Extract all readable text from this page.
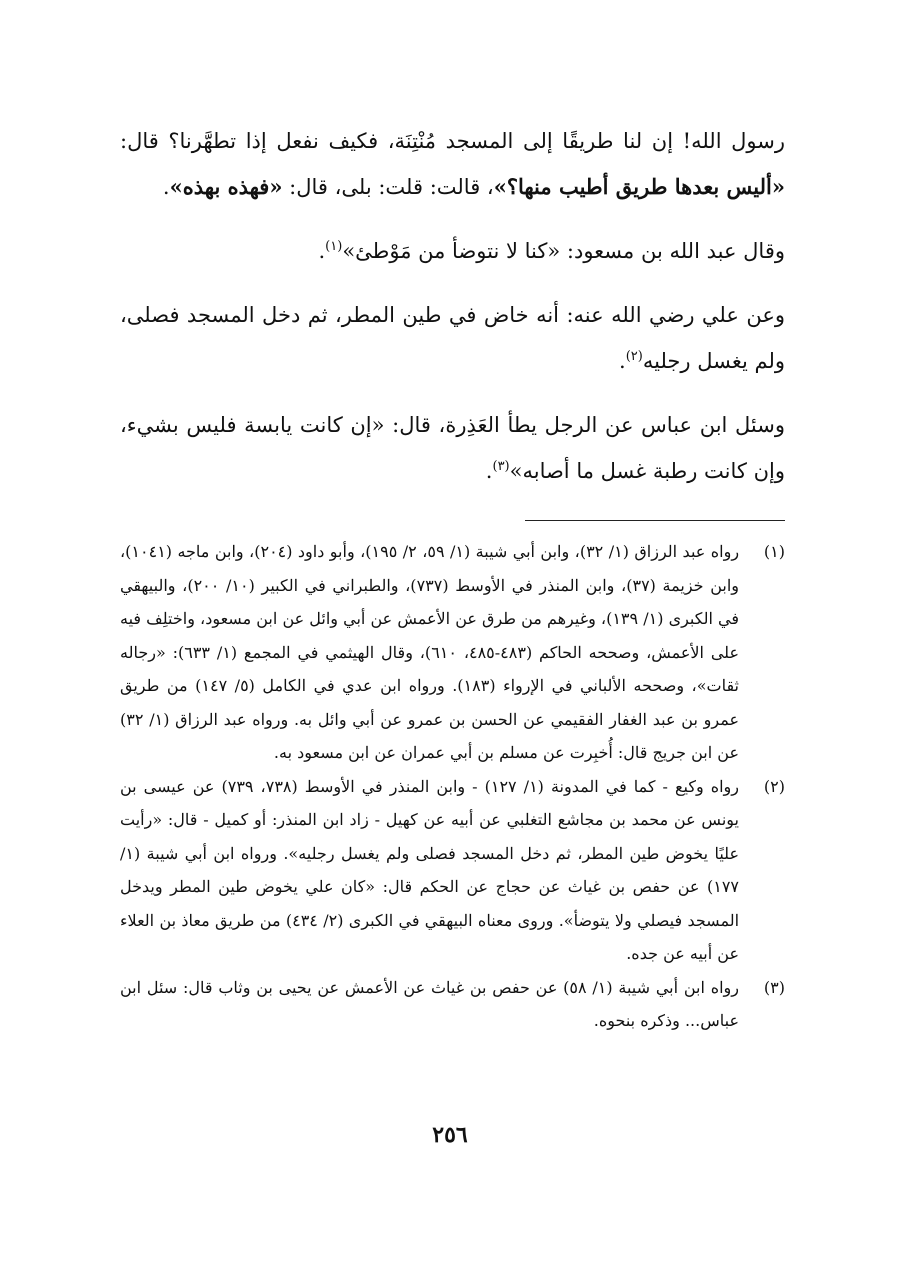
رسول الله! إن لنا طريقًا إلى المسجد مُنْتِنَة، فكيف نفعل إذا تطهَّرنا؟ قال: «أليس بعدها طريق أطيب منها؟»، قالت: قلت: بلى، قال: «فهذه بهذه».

وقال عبد الله بن مسعود: «كنا لا نتوضأ من مَوْطئ»$^{(١)}$.

وعن علي رضي الله عنه: أنه خاض في طين المطر، ثم دخل المسجد فصلى، ولم يغسل رجليه$^{(٢)}$.

وسئل ابن عباس عن الرجل يطأ العَذِرة، قال: «إن كانت يابسة فليس بشيء، وإن كانت رطبة غسل ما أصابه»$^{(٣)}$.

(١)
رواه عبد الرزاق (١/ ٣٢)، وابن أبي شيبة (١/ ٥٩، ٢/ ١٩٥)، وأبو داود (٢٠٤)، وابن ماجه (١٠٤١)، وابن خزيمة (٣٧)، وابن المنذر في الأوسط (٧٣٧)، والطبراني في الكبير (١٠/ ٢٠٠)، والبيهقي في الكبرى (١/ ١٣٩)، وغيرهم من طرق عن الأعمش عن أبي وائل عن ابن مسعود، واختلِف فيه على الأعمش، وصححه الحاكم (٤٨٣-٤٨٥، ٦١٠)، وقال الهيثمي في المجمع (١/ ٦٣٣): «رجاله ثقات»، وصححه الألباني في الإرواء (١٨٣). ورواه ابن عدي في الكامل (٥/ ١٤٧) من طريق عمرو بن عبد الغفار الفقيمي عن الحسن بن عمرو عن أبي وائل به. ورواه عبد الرزاق (١/ ٣٢) عن ابن جريج قال: أُخبِرت عن مسلم بن أبي عمران عن ابن مسعود به.
(٢)
رواه وكيع - كما في المدونة (١/ ١٢٧) - وابن المنذر في الأوسط (٧٣٨، ٧٣٩) عن عيسى بن يونس عن محمد بن مجاشع التغلبي عن أبيه عن كهيل - زاد ابن المنذر: أو كميل - قال: «رأيت عليًا يخوض طين المطر، ثم دخل المسجد فصلى ولم يغسل رجليه». ورواه ابن أبي شيبة (١/ ١٧٧) عن حفص بن غياث عن حجاج عن الحكم قال: «كان علي يخوض طين المطر ويدخل المسجد فيصلي ولا يتوضأ». وروى معناه البيهقي في الكبرى (٢/ ٤٣٤) من طريق معاذ بن العلاء عن أبيه عن جده.
(٣)
رواه ابن أبي شيبة (١/ ٥٨) عن حفص بن غياث عن الأعمش عن يحيى بن وثاب قال: سئل ابن عباس... وذكره بنحوه.
٢٥٦
